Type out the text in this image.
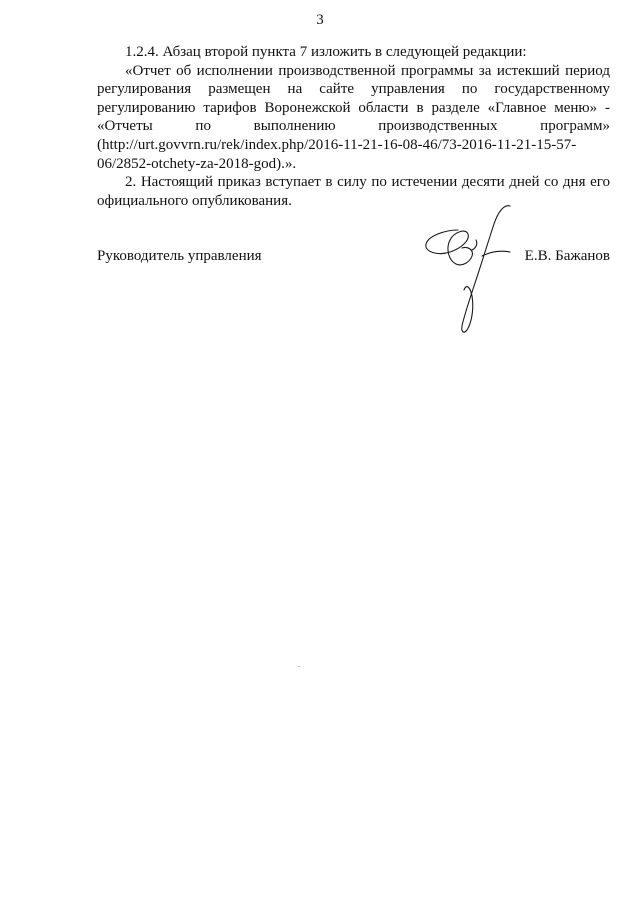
3

1.2.4. Абзац второй пункта 7 изложить в следующей редакции:

«Отчет об исполнении производственной программы за истекший период регулирования размещен на сайте управления по государственному регулированию тарифов Воронежской области в разделе «Главное меню» - «Отчеты по выполнению производственных программ» (http://urt.govvrn.ru/rek/index.php/2016-11-21-16-08-46/73-2016-11-21-15-57-06/2852-otchety-za-2018-god).».

2. Настоящий приказ вступает в силу по истечении десяти дней со дня его официального опубликования.

Руководитель управления	Е.В. Бажанов
